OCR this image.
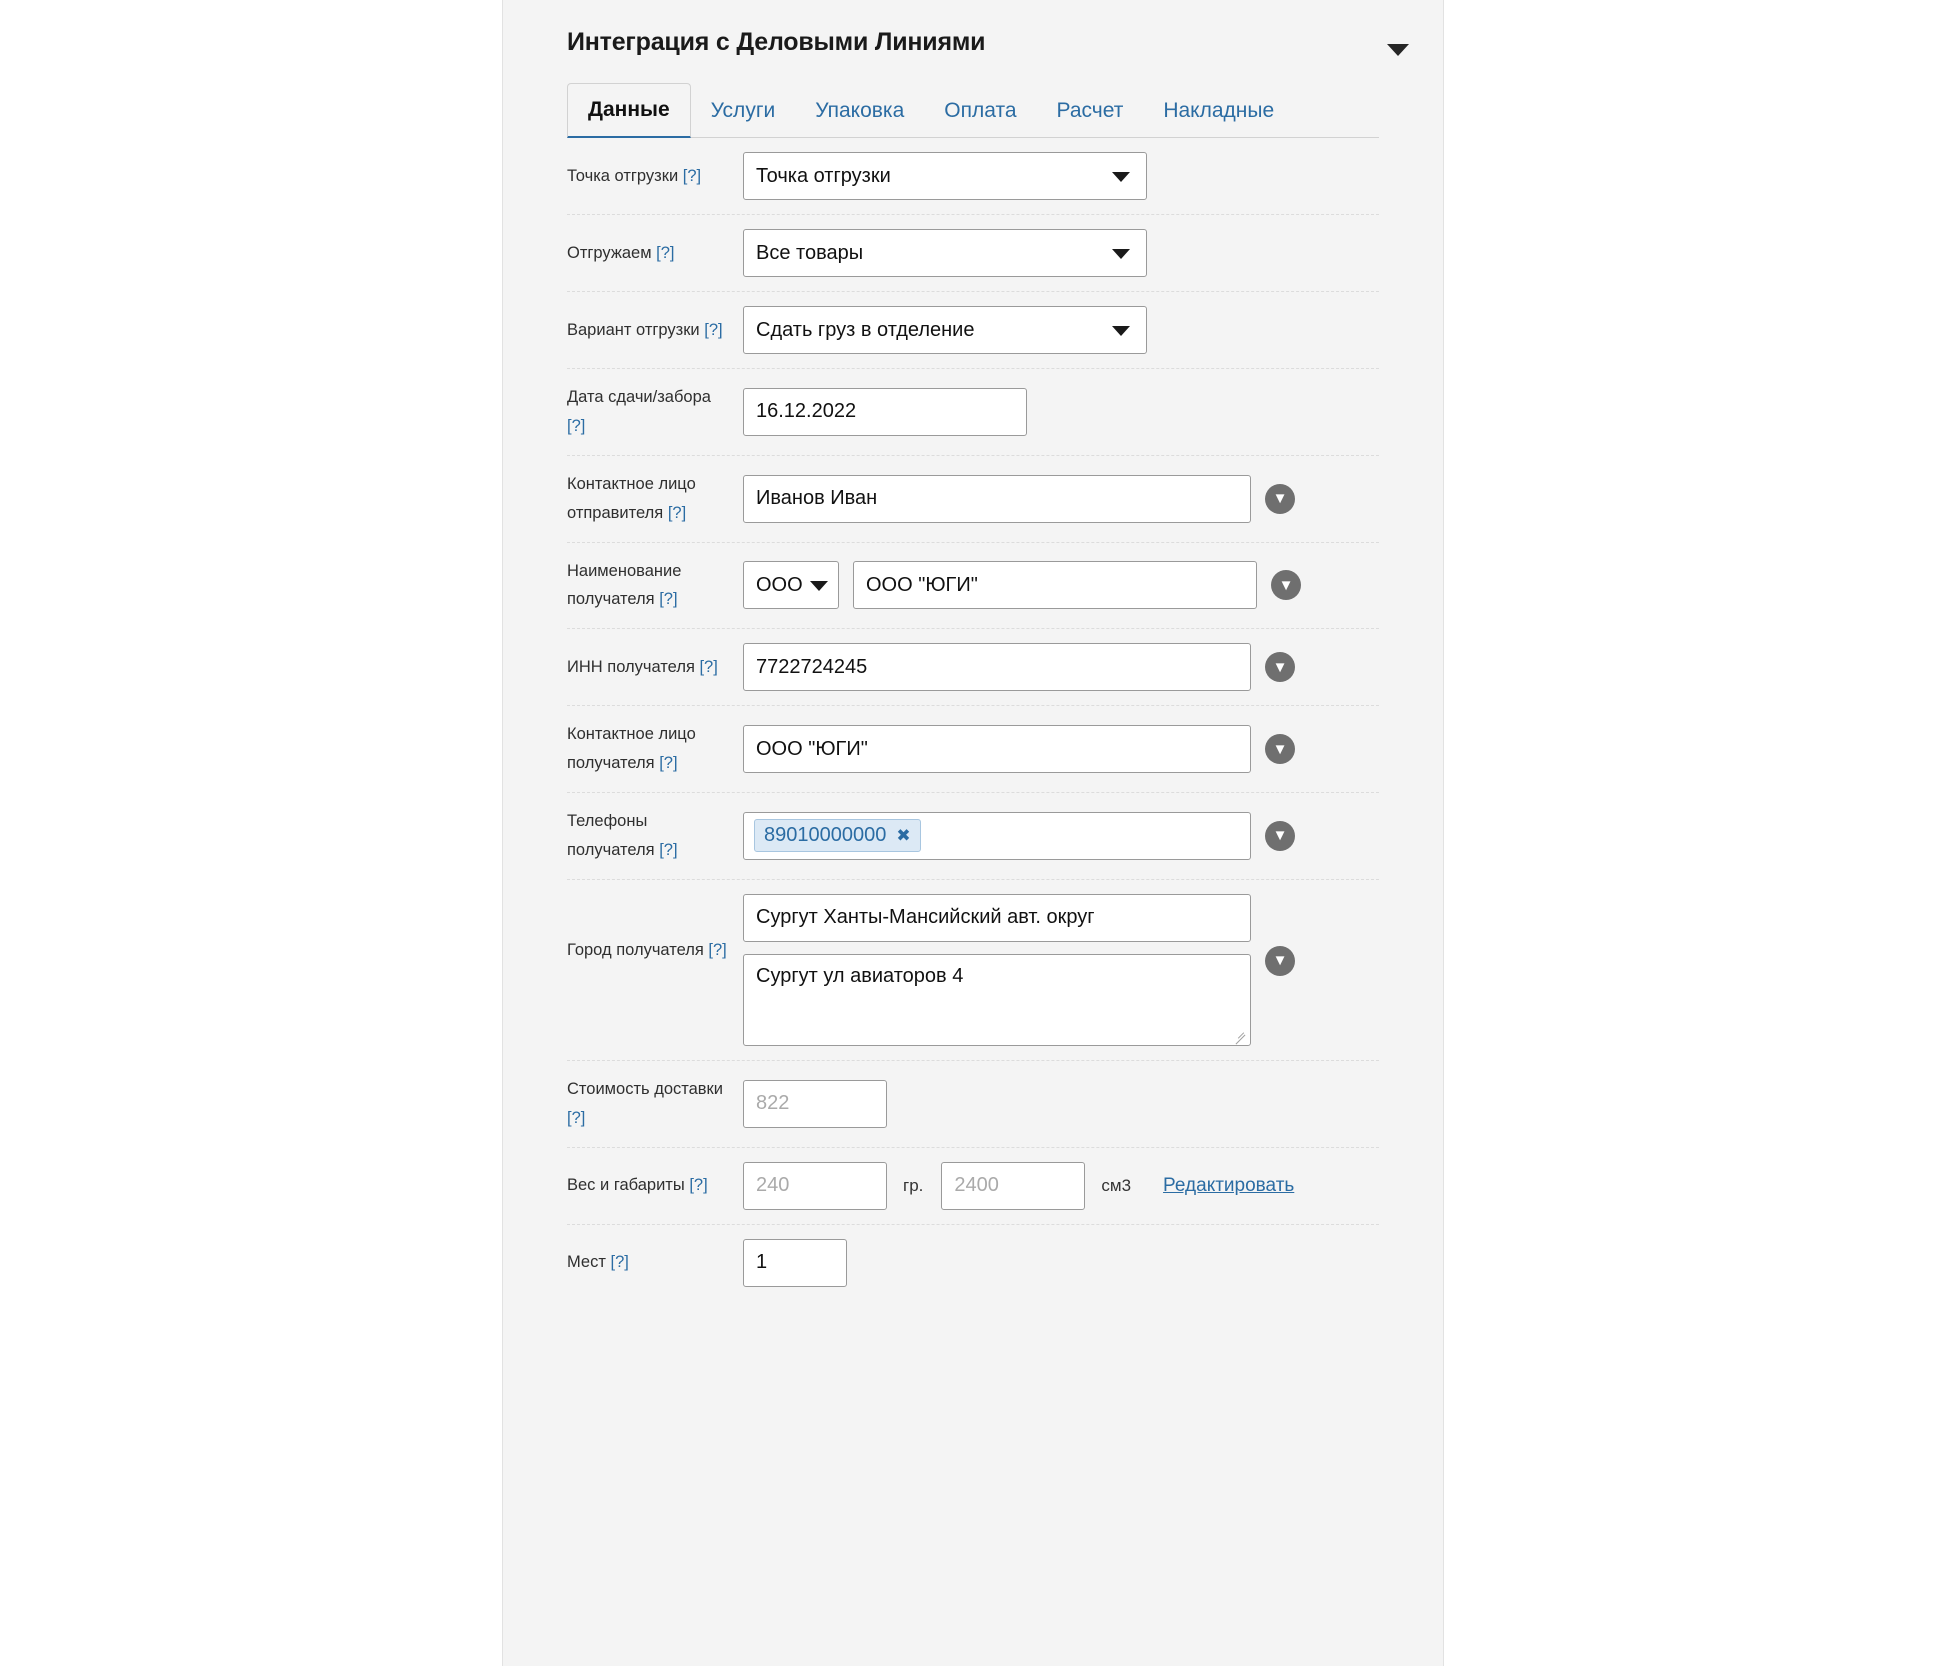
Интеграция с Деловыми Линиями
Данные	Услуги	Упаковка	Оплата	Расчет	Накладные
Точка отгрузки [?]	Точка отгрузки
Отгружаем [?]	Все товары
Вариант отгрузки [?]	Сдать груз в отделение
Дата сдачи/забора [?]
16.12.2022
Контактное лицо отправителя [?]
Иванов Иван	▼
Наименование получателя [?]
ООО	ООО "ЮГИ"	▼
ИНН получателя [?]	7722724245	▼
Контактное лицо получателя [?]
ООО "ЮГИ"	▼
Телефоны получателя [?]
89010000000 ✖	▼
Город получателя [?]
Сургут Ханты-Мансийский авт. округ
Сургут ул авиаторов 4
▼
Стоимость доставки [?]
822
Вес и габариты [?]	240	гр. 2400	см3 Редактировать
Мест [?]	1
